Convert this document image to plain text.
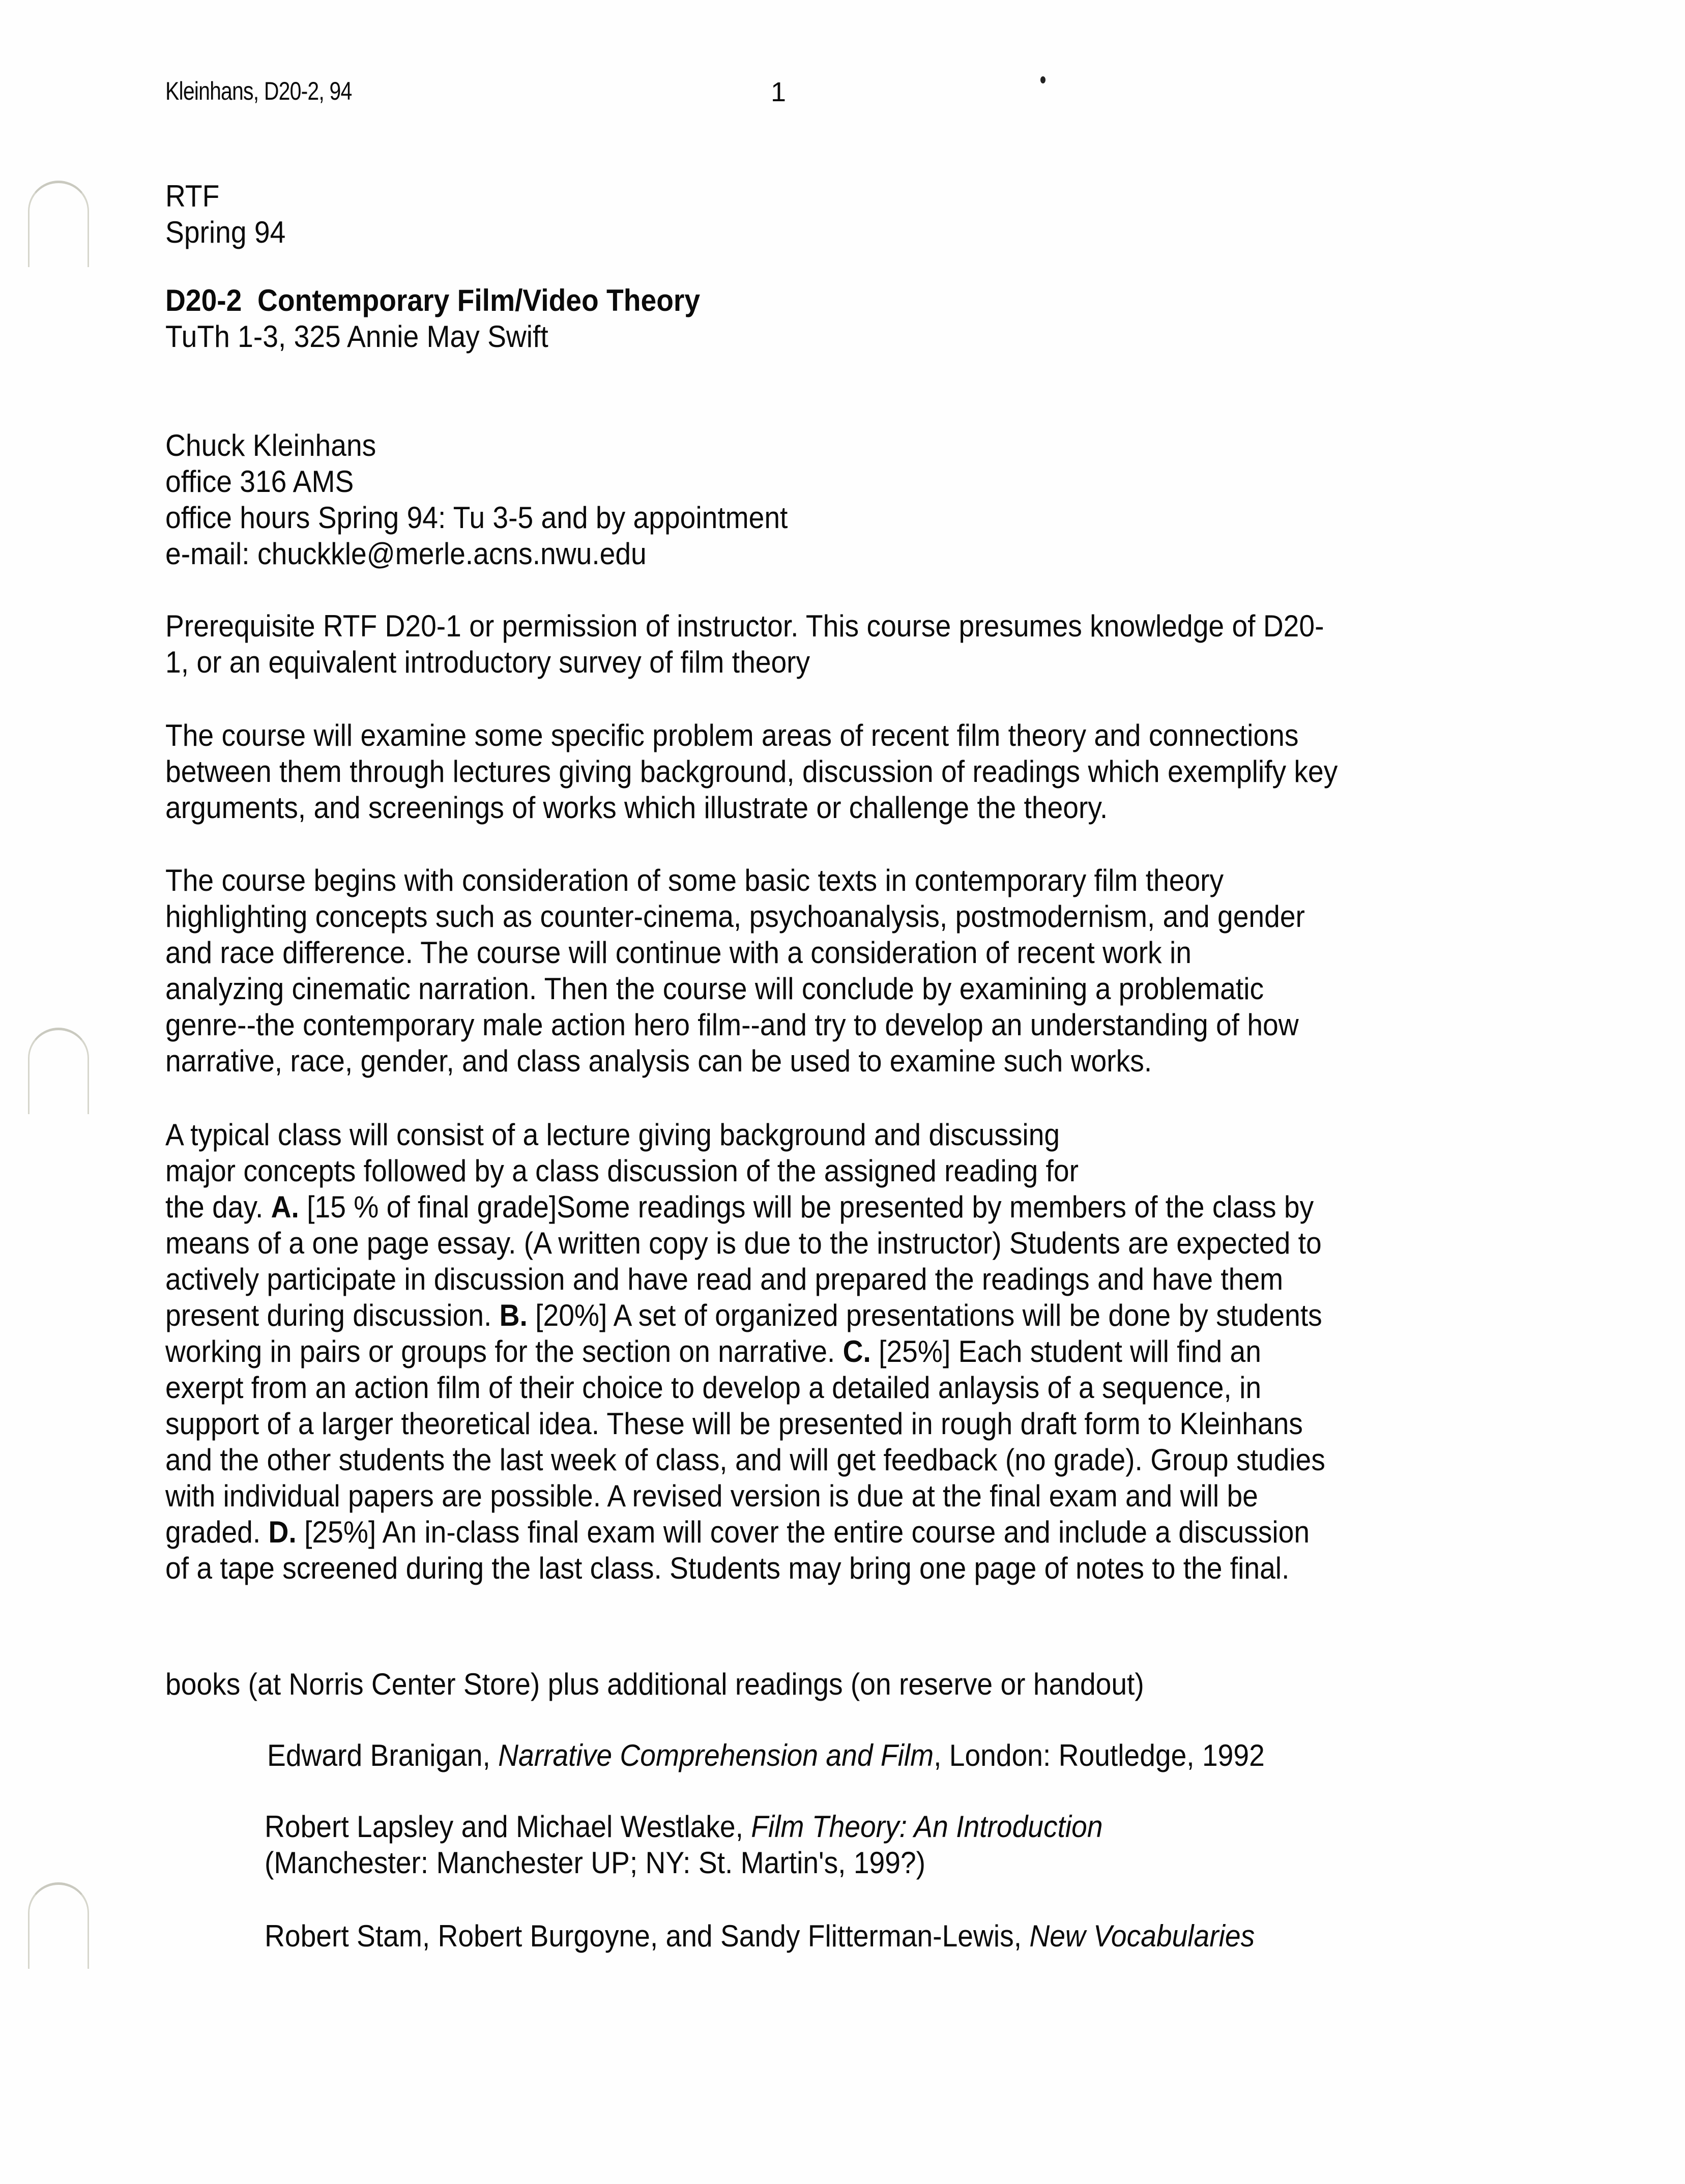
Kleinhans, D20-2, 94	1
RTF
Spring 94
D20-2 Contemporary Film/Video Theory
TuTh 1-3, 325 Annie May Swift
Chuck Kleinhans
office 316 AMS
office hours Spring 94: Tu 3-5 and by appointment
e-mail: chuckkle@merle.acns.nwu.edu
Prerequisite RTF D20-1 or permission of instructor. This course presumes knowledge of D20-
1, or an equivalent introductory survey of film theory
The course will examine some specific problem areas of recent film theory and connections
between them through lectures giving background, discussion of readings which exemplify key
arguments, and screenings of works which illustrate or challenge the theory.
The course begins with consideration of some basic texts in contemporary film theory
highlighting concepts such as counter-cinema, psychoanalysis, postmodernism, and gender
and race difference. The course will continue with a consideration of recent work in
analyzing cinematic narration. Then the course will conclude by examining a problematic
genre--the contemporary male action hero film--and try to develop an understanding of how
narrative, race, gender, and class analysis can be used to examine such works.
A typical class will consist of a lecture giving background and discussing
major concepts followed by a class discussion of the assigned reading for
the day. A. [15 % of final grade]Some readings will be presented by members of the class by
means of a one page essay. (A written copy is due to the instructor) Students are expected to
actively participate in discussion and have read and prepared the readings and have them
present during discussion. B. [20%] A set of organized presentations will be done by students
working in pairs or groups for the section on narrative. C. [25%] Each student will find an
exerpt from an action film of their choice to develop a detailed anlaysis of a sequence, in
support of a larger theoretical idea. These will be presented in rough draft form to Kleinhans
and the other students the last week of class, and will get feedback (no grade). Group studies
with individual papers are possible. A revised version is due at the final exam and will be
graded. D. [25%] An in-class final exam will cover the entire course and include a discussion
of a tape screened during the last class. Students may bring one page of notes to the final.
books (at Norris Center Store) plus additional readings (on reserve or handout)
Edward Branigan, Narrative Comprehension and Film, London: Routledge, 1992
Robert Lapsley and Michael Westlake, Film Theory: An Introduction
(Manchester: Manchester UP; NY: St. Martin's, 199?)
Robert Stam, Robert Burgoyne, and Sandy Flitterman-Lewis, New Vocabularies
